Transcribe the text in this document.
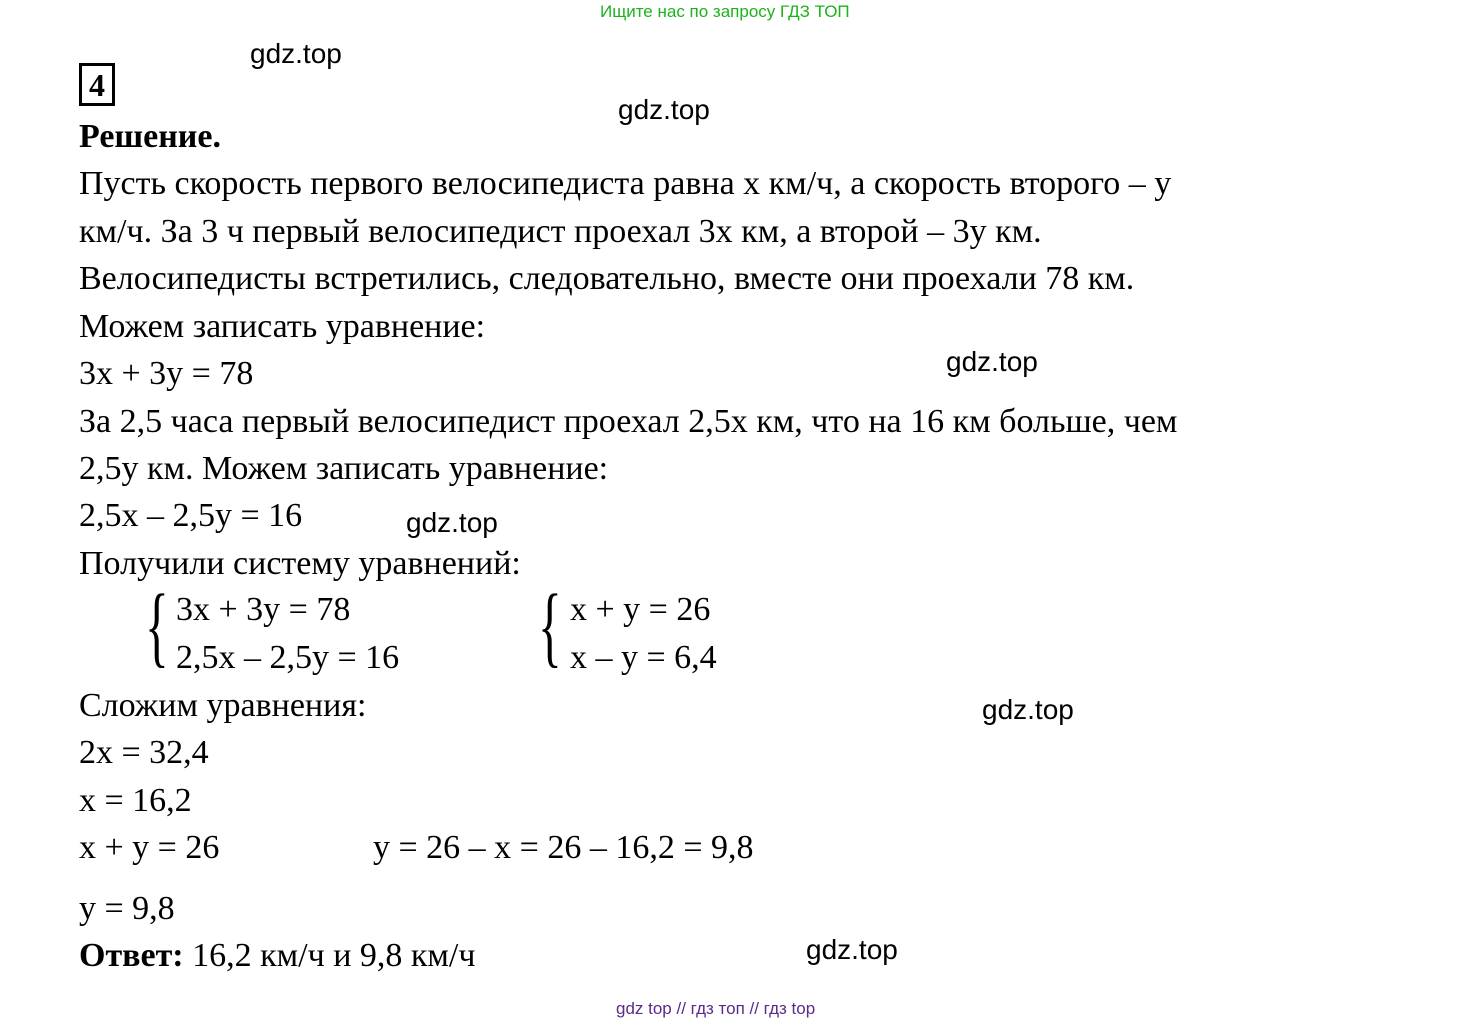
Ищите нас по запросу ГДЗ ТОП
gdz.top
gdz.top
gdz.top
gdz.top
gdz.top
gdz.top
4
Решение.
Пусть скорость первого велосипедиста равна x км/ч, а скорость второго – y
км/ч. За 3 ч первый велосипедист проехал 3x км, а второй – 3y км.
Велосипедисты встретились, следовательно, вместе они проехали 78 км.
Можем записать уравнение:
3x + 3y = 78
За 2,5 часа первый велосипедист проехал 2,5x км, что на 16 км больше, чем
2,5y км. Можем записать уравнение:
2,5x – 2,5y = 16
Получили систему уравнений:
{ 3x + 3y = 78
2,5x – 2,5y = 16 { x + y = 26
x – y = 6,4
Сложим уравнения:
2x = 32,4
x = 16,2
x + y = 26	y = 26 – x = 26 – 16,2 = 9,8
y = 9,8
Ответ: 16,2 км/ч и 9,8 км/ч
gdz top // гдз топ // гдз top
